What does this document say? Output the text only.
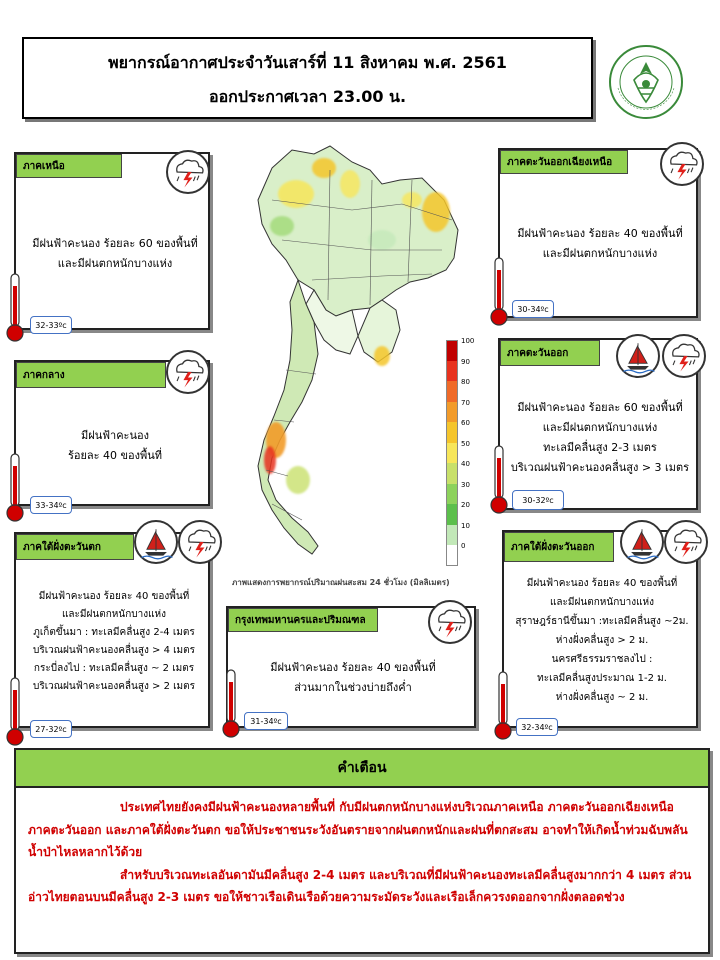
พยากรณ์อากาศประจำวันเสาร์ที่ 11 สิงหาคม พ.ศ. 2561
ออกประกาศเวลา 23.00 น.
100
90
80
70
60
50
40
30
20
10
0
ภาพแสดงการพยากรณ์ปริมาณฝนสะสม 24 ชั่วโมง (มิลลิเมตร)
ภาคเหนือ
มีฝนฟ้าคะนอง ร้อยละ 60 ของพื้นที่
และมีฝนตกหนักบางแห่ง
32-33ºc
ภาคกลาง
มีฝนฟ้าคะนอง
ร้อยละ 40 ของพื้นที่
33-34ºc
ภาคใต้ฝั่งตะวันตก
มีฝนฟ้าคะนอง ร้อยละ 40 ของพื้นที่
และมีฝนตกหนักบางแห่ง
ภูเก็ตขึ้นมา : ทะเลมีคลื่นสูง 2-4 เมตร
บริเวณฝนฟ้าคะนองคลื่นสูง > 4 เมตร
กระบี่ลงไป : ทะเลมีคลื่นสูง ~ 2 เมตร
บริเวณฝนฟ้าคะนองคลื่นสูง > 2 เมตร
27-32ºc
กรุงเทพมหานครและปริมณฑล
มีฝนฟ้าคะนอง ร้อยละ 40 ของพื้นที่
ส่วนมากในช่วงบ่ายถึงค่ำ
31-34ºc
ภาคตะวันออกเฉียงเหนือ
มีฝนฟ้าคะนอง ร้อยละ 40 ของพื้นที่
และมีฝนตกหนักบางแห่ง
30-34ºc
ภาคตะวันออก
มีฝนฟ้าคะนอง ร้อยละ 60 ของพื้นที่
และมีฝนตกหนักบางแห่ง
ทะเลมีคลื่นสูง 2-3 เมตร
บริเวณฝนฟ้าคะนองคลื่นสูง > 3 เมตร
30-32ºc
ภาคใต้ฝั่งตะวันออก
มีฝนฟ้าคะนอง ร้อยละ 40 ของพื้นที่
และมีฝนตกหนักบางแห่ง
สุราษฎร์ธานีขึ้นมา :ทะเลมีคลื่นสูง ~2ม.
ห่างฝั่งคลื่นสูง > 2 ม.
นครศรีธรรมราชลงไป :
ทะเลมีคลื่นสูงประมาณ 1-2 ม.
ห่างฝั่งคลื่นสูง ~ 2 ม.
32-34ºc
คำเตือน

ประเทศไทยยังคงมีฝนฟ้าคะนองหลายพื้นที่ กับมีฝนตกหนักบางแห่งบริเวณภาคเหนือ ภาคตะวันออกเฉียงเหนือ ภาคตะวันออก และภาคใต้ฝั่งตะวันตก ขอให้ประชาชนระวังอันตรายจากฝนตกหนักและฝนที่ตกสะสม อาจทำให้เกิดน้ำท่วมฉับพลัน น้ำป่าไหลหลากไว้ด้วย

สำหรับบริเวณทะเลอันดามันมีคลื่นสูง 2-4 เมตร และบริเวณที่มีฝนฟ้าคะนองทะเลมีคลื่นสูงมากกว่า 4 เมตร ส่วนอ่าวไทยตอนบนมีคลื่นสูง 2-3 เมตร ขอให้ชาวเรือเดินเรือด้วยความระมัดระวังและเรือเล็กควรงดออกจากฝั่งตลอดช่วง
